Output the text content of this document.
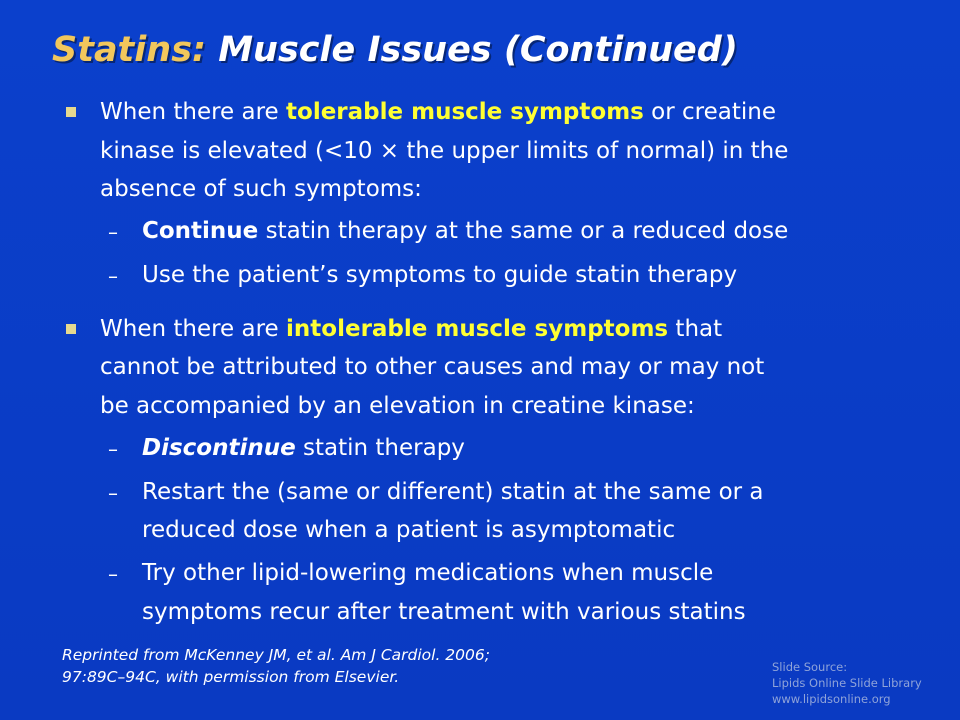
Statins: Muscle Issues (Continued)
When there are tolerable muscle symptoms or creatine
kinase is elevated (<10 × the upper limits of normal) in the
absence of such symptoms:
– Continue statin therapy at the same or a reduced dose
– Use the patient’s symptoms to guide statin therapy
When there are intolerable muscle symptoms that
cannot be attributed to other causes and may or may not
be accompanied by an elevation in creatine kinase:
– Discontinue statin therapy
– Restart the (same or different) statin at the same or a
reduced dose when a patient is asymptomatic
– Try other lipid-lowering medications when muscle
symptoms recur after treatment with various statins
Reprinted from McKenney JM, et al. Am J Cardiol. 2006;
97:89C–94C, with permission from Elsevier.
Slide Source:
Lipids Online Slide Library
www.lipidsonline.org
